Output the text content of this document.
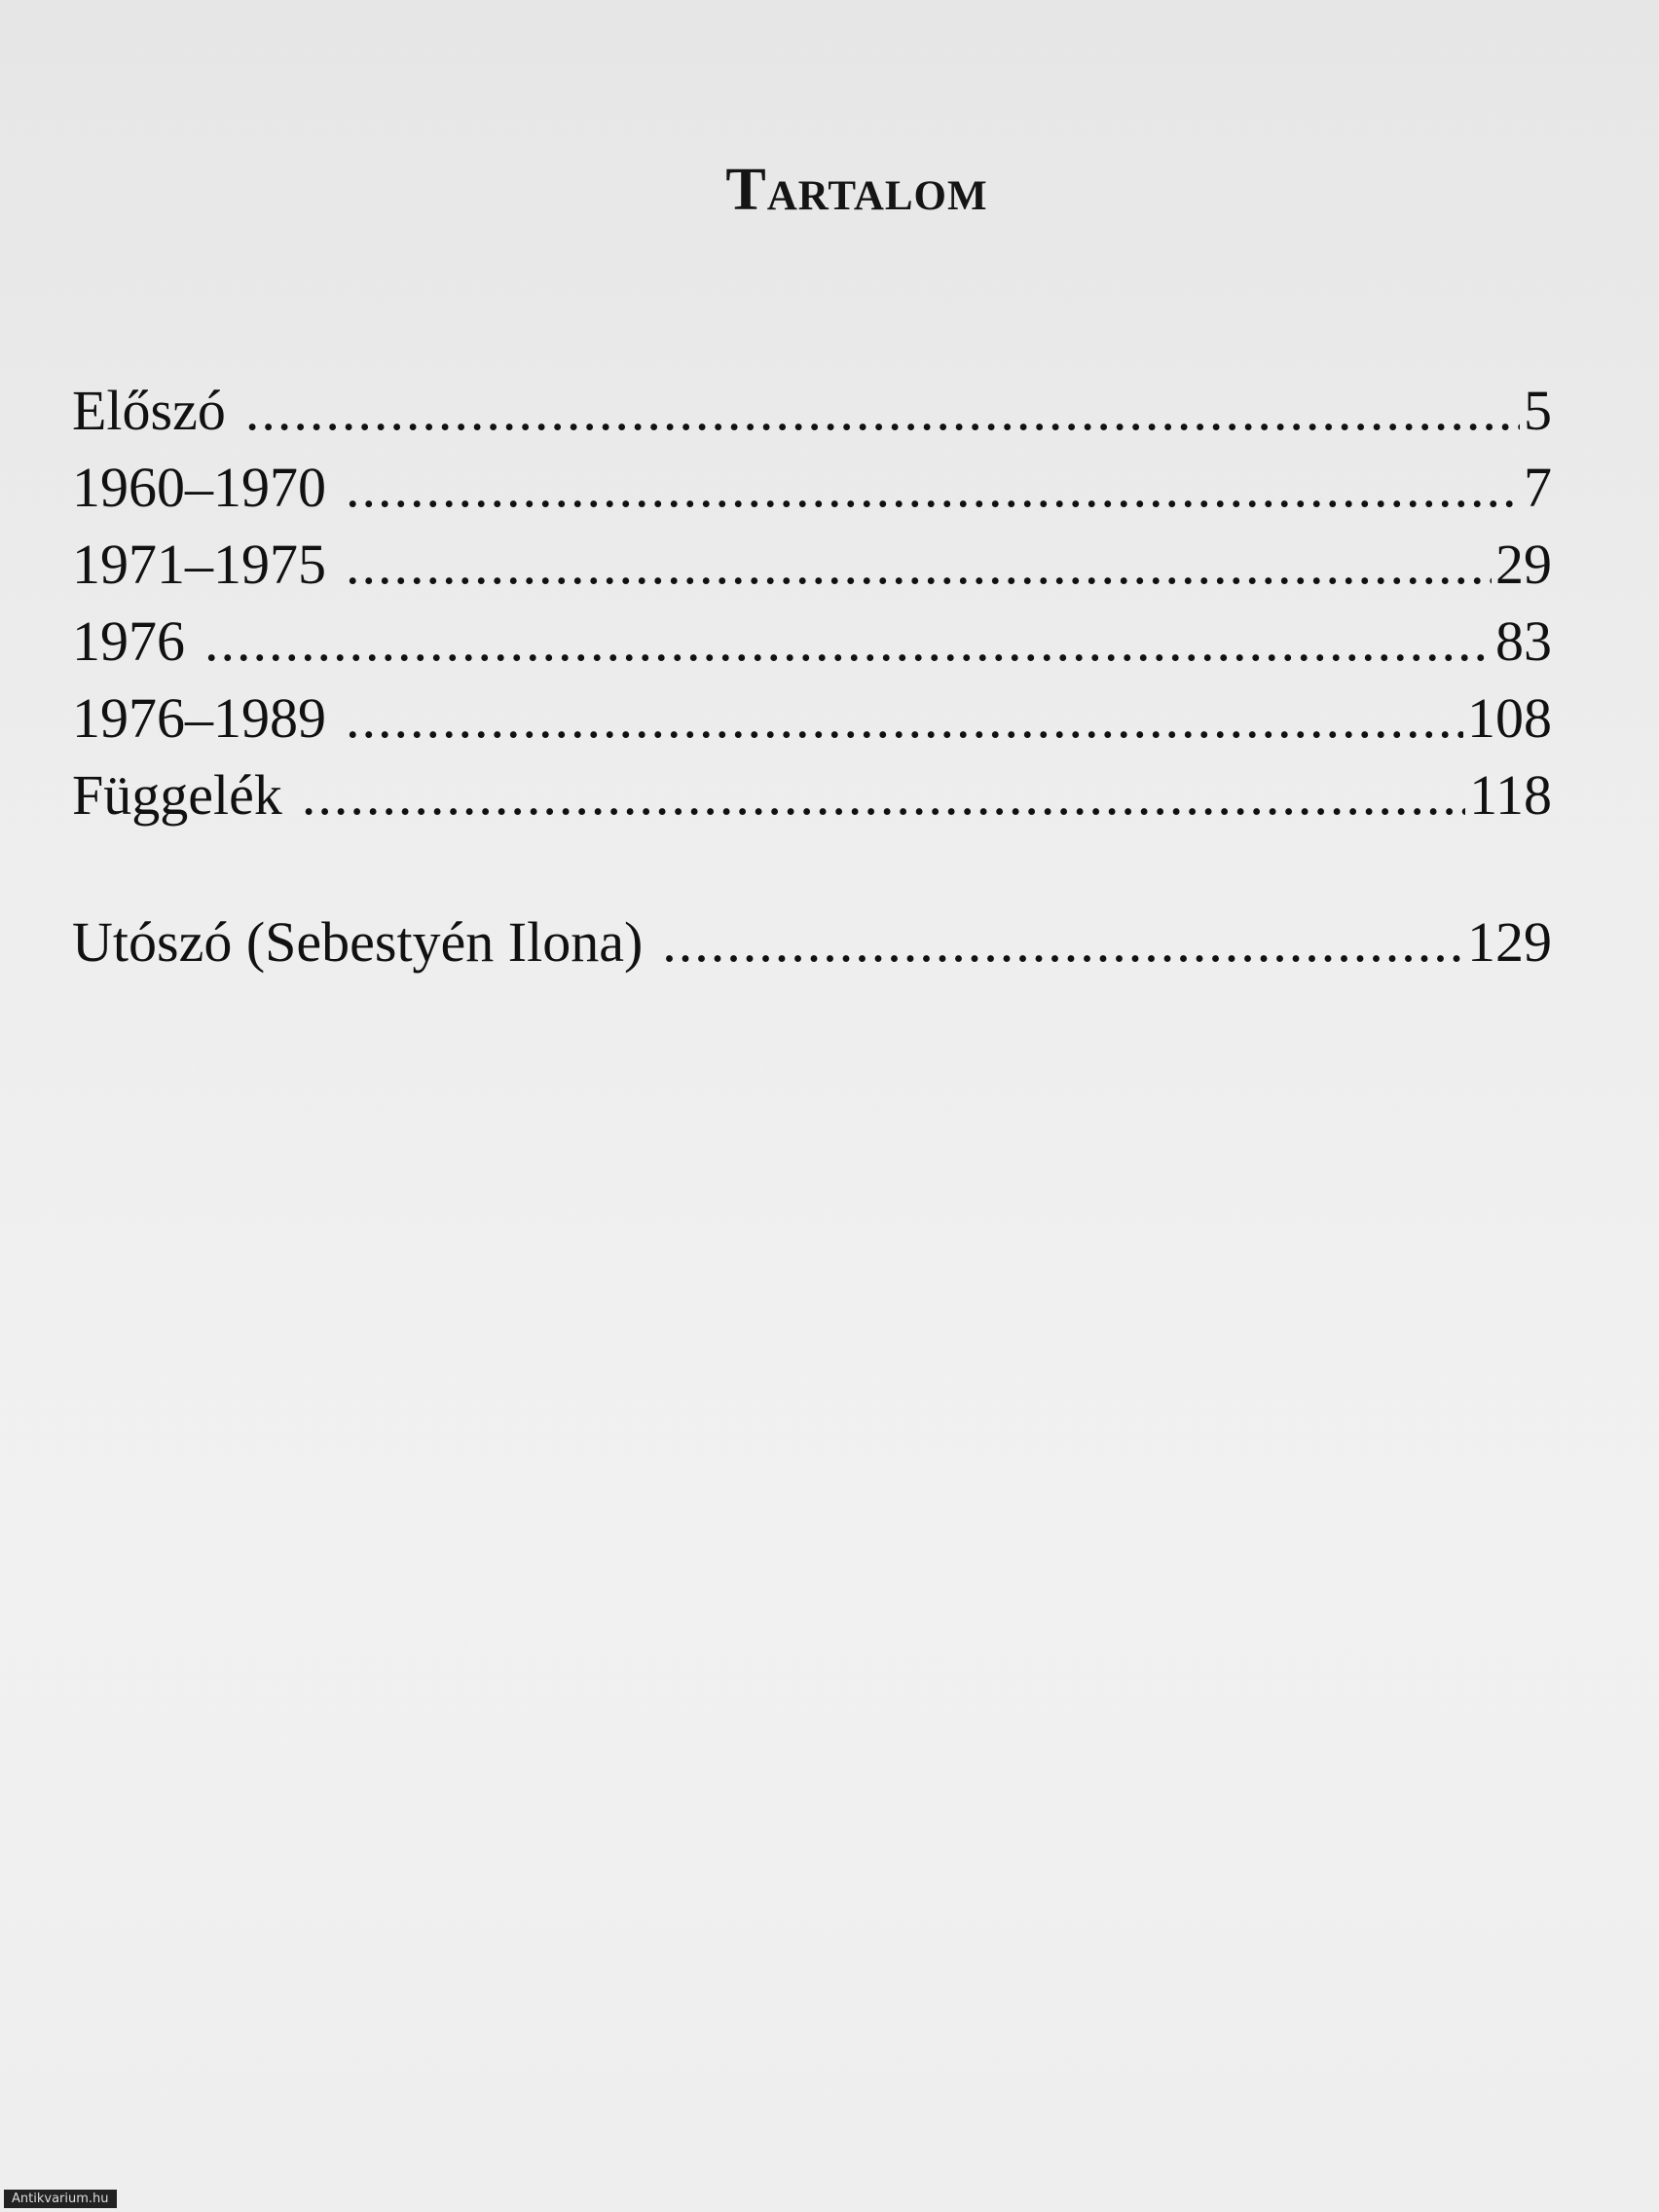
Tartalom

Előszó .....	5
1960–1970 .....	7
1971–1975 .....	29
1976 .....	83
1976–1989 .....	108
Függelék .....	118
Utószó (Sebestyén Ilona) .....	129
Antikvarium.hu
